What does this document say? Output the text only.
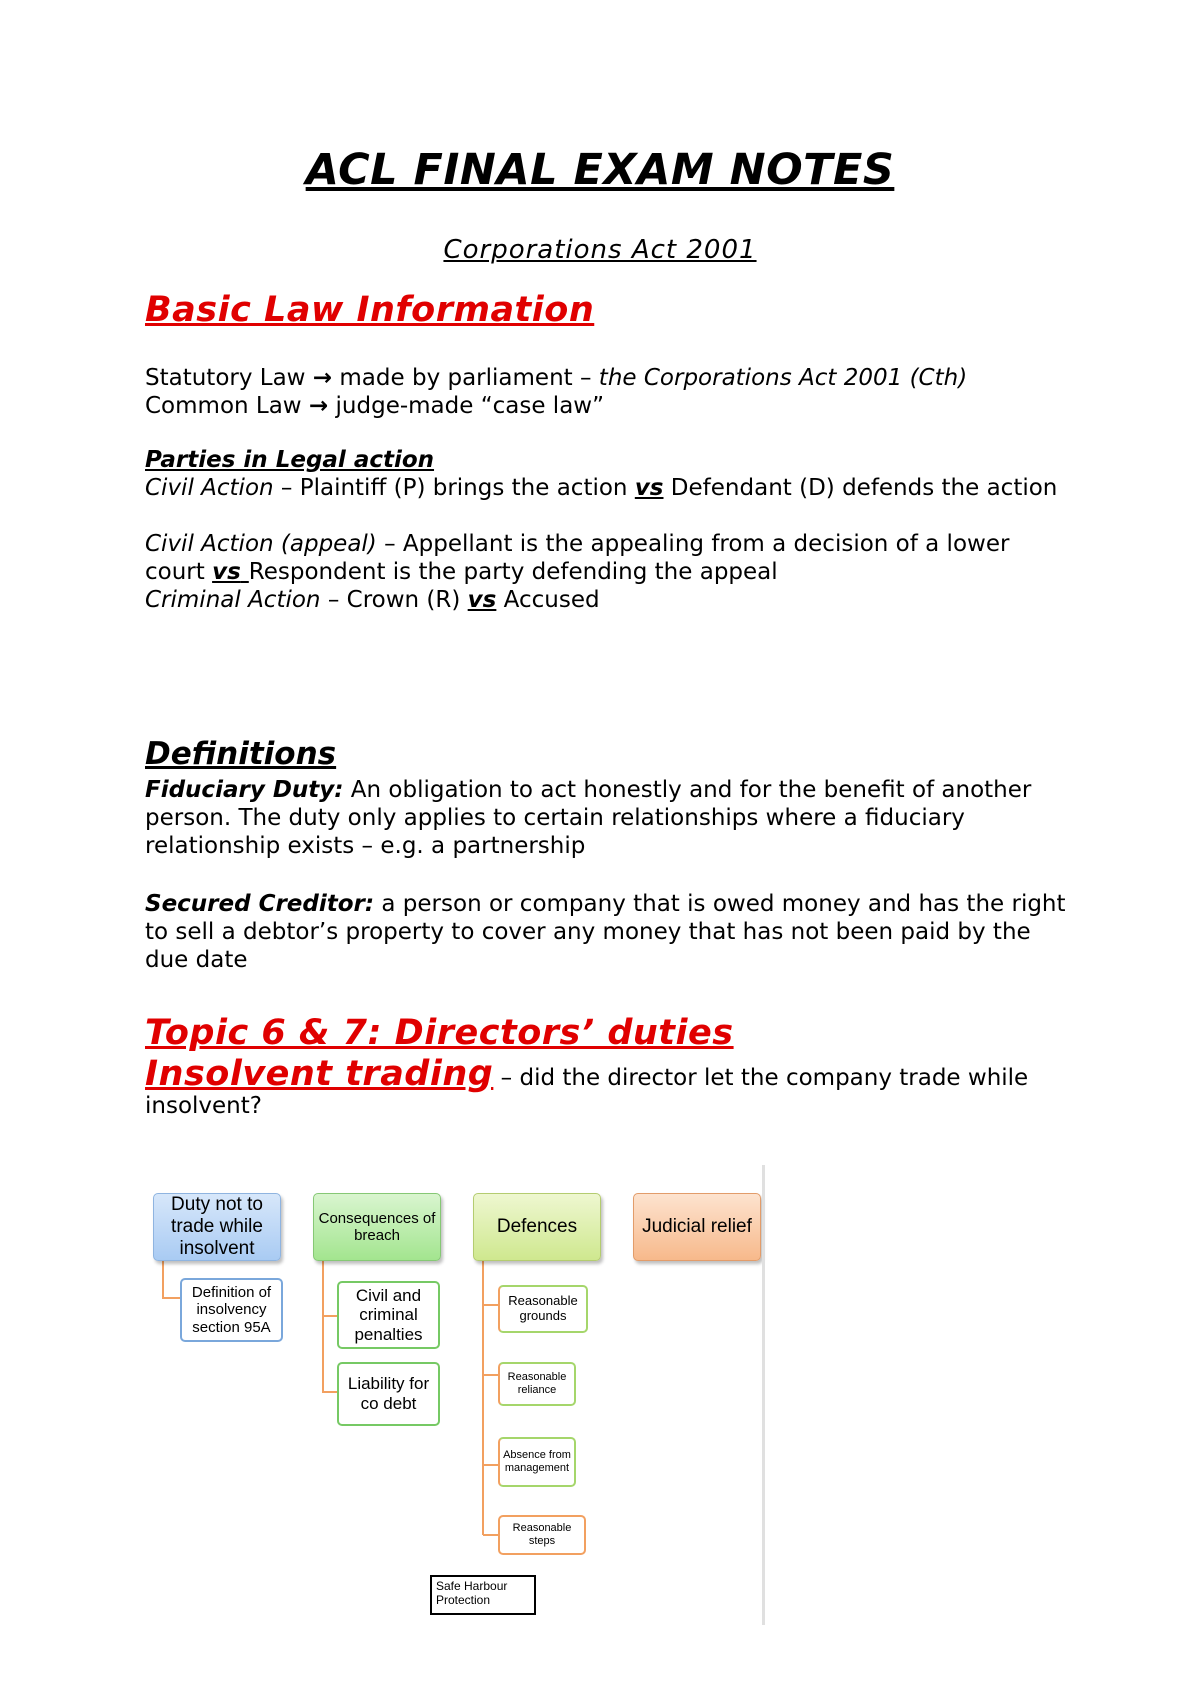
ACL FINAL EXAM NOTES
Corporations Act 2001
Basic Law Information

Statutory Law → made by parliament – the Corporations Act 2001 (Cth)

Common Law → judge-made “case law”

Parties in Legal action

Civil Action – Plaintiff (P) brings the action vs Defendant (D) defends the action

Civil Action (appeal) – Appellant is the appealing from a decision of a lower court vs Respondent is the party defending the appeal

Criminal Action – Crown (R) vs Accused

Definitions

Fiduciary Duty: An obligation to act honestly and for the benefit of another person. The duty only applies to certain relationships where a fiduciary relationship exists – e.g. a partnership

Secured Creditor: a person or company that is owed money and has the right to sell a debtor’s property to cover any money that has not been paid by the due date

Topic 6 & 7: Directors’ duties

Insolvent trading – did the director let the company trade while insolvent?

Duty not to trade while insolvent
Consequences of breach	Defences	Judicial relief
Definition of insolvency section 95A
Civil and criminal penalties
Liability for co debt
Reasonable grounds
Reasonable reliance
Absence from management
Reasonable steps
Safe Harbour Protection
